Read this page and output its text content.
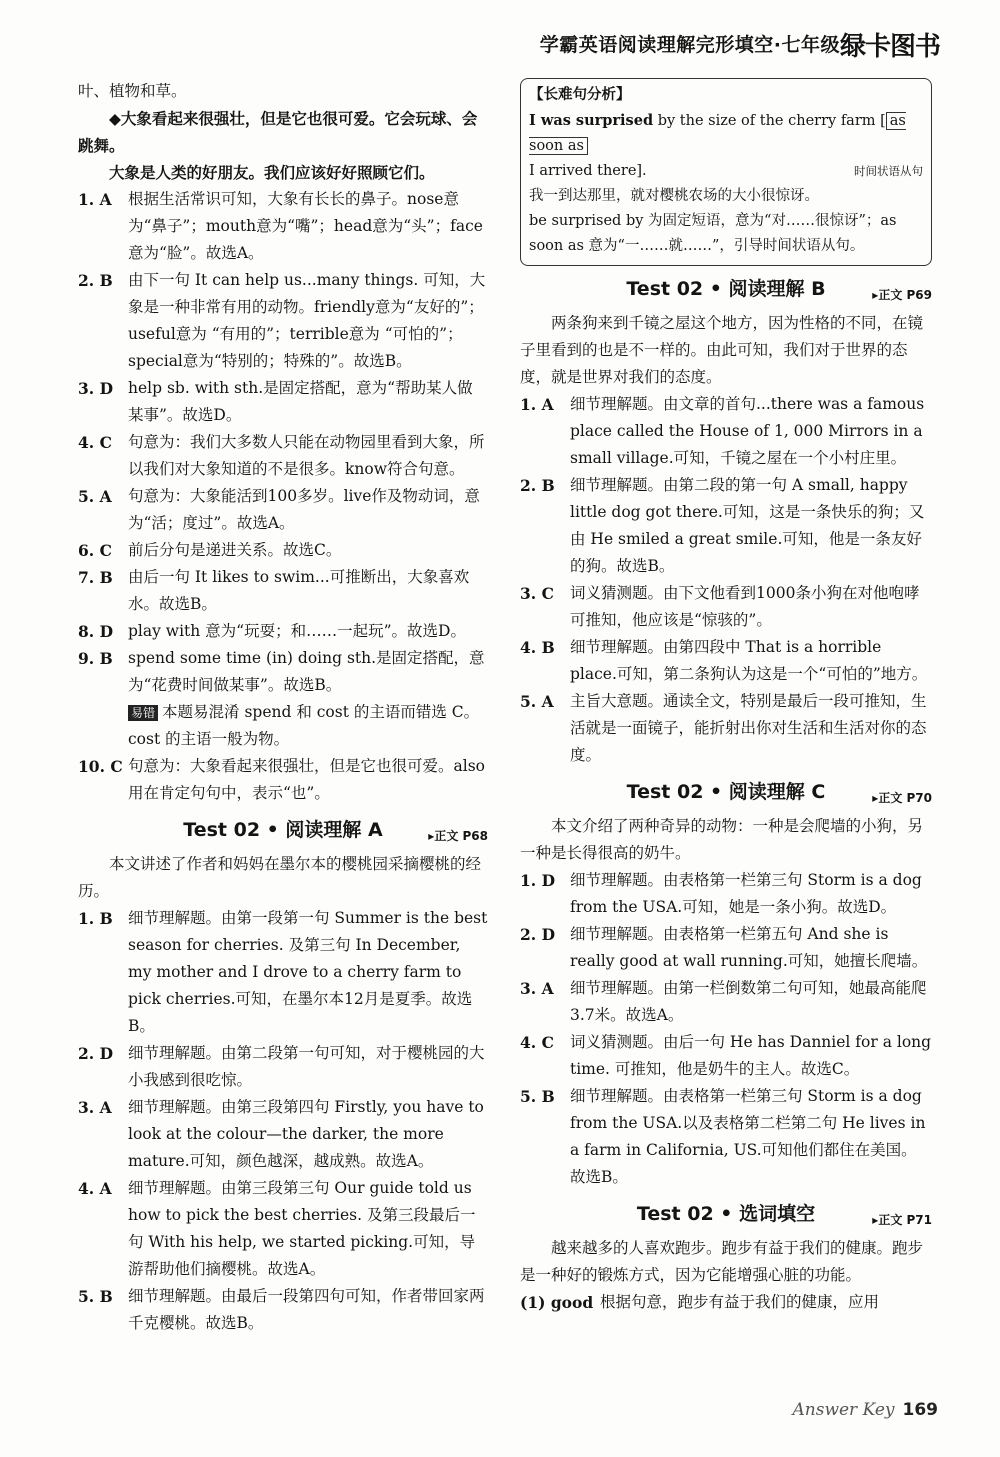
学霸英语阅读理解完形填空·七年级 绿卡图书

叶、植物和草。

◆大象看起来很强壮，但是它也很可爱。它会玩球、会跳舞。

大象是人类的好朋友。我们应该好好照顾它们。

1. A	根据生活常识可知，大象有长长的鼻子。nose意为“鼻子”；mouth意为“嘴”；head意为“头”；face意为“脸”。故选A。
2. B 由下一句 It can help us...many things. 可知，大象是一种非常有用的动物。friendly意为“友好的”；useful意为 “有用的”；terrible意为 “可怕的”；special意为“特别的；特殊的”。故选B。
3. D help sb. with sth.是固定搭配，意为“帮助某人做某事”。故选D。
4. C	句意为：我们大多数人只能在动物园里看到大象，所以我们对大象知道的不是很多。know符合句意。
5. A	句意为：大象能活到100多岁。live作及物动词，意为“活；度过”。故选A。
6. C	前后分句是递进关系。故选C。
7. B 由后一句 It likes to swim...可推断出，大象喜欢水。故选B。
8. D play with 意为“玩耍；和……一起玩”。故选D。
9. B spend some time (in) doing sth.是固定搭配，意为“花费时间做某事”。故选B。
易错 本题易混淆 spend 和 cost 的主语而错选 C。cost 的主语一般为物。
10. C 句意为：大象看起来很强壮，但是它也很可爱。also用在肯定句句中，表示“也”。
Test 02 • 阅读理解 A	▸正文 P68

本文讲述了作者和妈妈在墨尔本的樱桃园采摘樱桃的经历。

1. B 细节理解题。由第一段第一句 Summer is the best season for cherries. 及第三句 In December, my mother and I drove to a cherry farm to pick cherries.可知，在墨尔本12月是夏季。故选B。
2. D 细节理解题。由第二段第一句可知，对于樱桃园的大小我感到很吃惊。
3. A	细节理解题。由第三段第四句 Firstly, you have to look at the colour—the darker, the more mature.可知，颜色越深，越成熟。故选A。
4. A	细节理解题。由第三段第三句 Our guide told us how to pick the best cherries. 及第三段最后一句 With his help, we started picking.可知，导游帮助他们摘樱桃。故选A。
5. B 细节理解题。由最后一段第四句可知，作者带回家两千克樱桃。故选B。
【长难句分析】
I was surprised by the size of the cherry farm [ as soon as
I arrived there].	时间状语从句
我一到达那里，就对樱桃农场的大小很惊讶。
be surprised by 为固定短语，意为“对……很惊讶”；as soon as 意为“一……就……”，引导时间状语从句。
Test 02 • 阅读理解 B	▸正文 P69

两条狗来到千镜之屋这个地方，因为性格的不同，在镜子里看到的也是不一样的。由此可知，我们对于世界的态度，就是世界对我们的态度。

1. A	细节理解题。由文章的首句...there was a famous place called the House of 1, 000 Mirrors in a small village.可知，千镜之屋在一个小村庄里。
2. B 细节理解题。由第二段的第一句 A small, happy little dog got there.可知，这是一条快乐的狗；又由 He smiled a great smile.可知，他是一条友好的狗。故选B。
3. C	词义猜测题。由下文他看到1000条小狗在对他咆哮可推知，他应该是“惊骇的”。
4. B 细节理解题。由第四段中 That is a horrible place.可知，第二条狗认为这是一个“可怕的”地方。
5. A	主旨大意题。通读全文，特别是最后一段可推知，生活就是一面镜子，能折射出你对生活和生活对你的态度。
Test 02 • 阅读理解 C	▸正文 P70

本文介绍了两种奇异的动物：一种是会爬墙的小狗，另一种是长得很高的奶牛。

1. D 细节理解题。由表格第一栏第三句 Storm is a dog from the USA.可知，她是一条小狗。故选D。
2. D 细节理解题。由表格第一栏第五句 And she is really good at wall running.可知，她擅长爬墙。
3. A	细节理解题。由第一栏倒数第二句可知，她最高能爬3.7米。故选A。
4. C	词义猜测题。由后一句 He has Danniel for a long time. 可推知，他是奶牛的主人。故选C。
5. B 细节理解题。由表格第一栏第三句 Storm is a dog from the USA.以及表格第二栏第二句 He lives in a farm in California, US.可知他们都住在美国。故选B。
Test 02 • 选词填空	▸正文 P71

越来越多的人喜欢跑步。跑步有益于我们的健康。跑步是一种好的锻炼方式，因为它能增强心脏的功能。

(1) good 根据句意，跑步有益于我们的健康，应用
Answer Key 169
